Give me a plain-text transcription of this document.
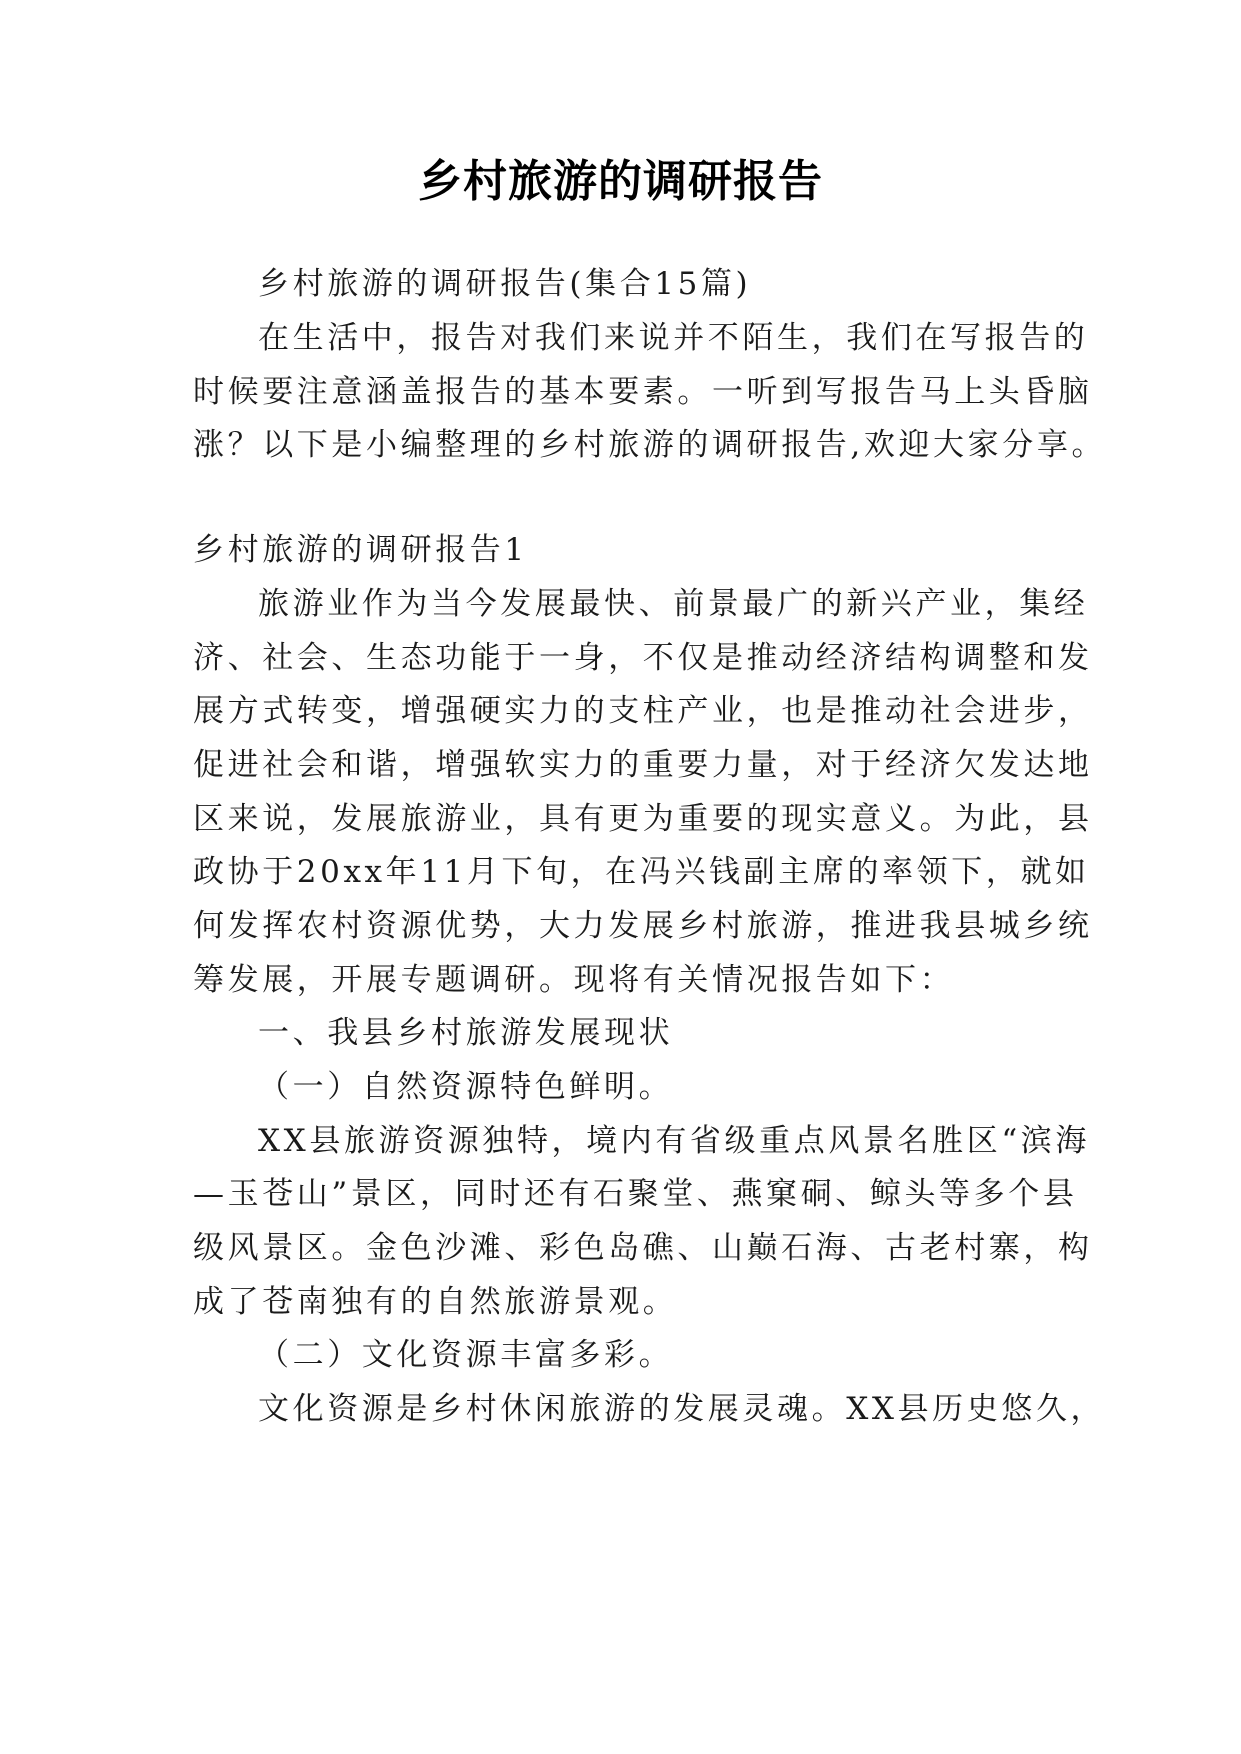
乡村旅游的调研报告
乡村旅游的调研报告(集合15篇)
在生活中，报告对我们来说并不陌生，我们在写报告的
时候要注意涵盖报告的基本要素。一听到写报告马上头昏脑
涨？以下是小编整理的乡村旅游的调研报告,欢迎大家分享。
乡村旅游的调研报告1
旅游业作为当今发展最快、前景最广的新兴产业，集经
济、社会、生态功能于一身，不仅是推动经济结构调整和发
展方式转变，增强硬实力的支柱产业，也是推动社会进步，
促进社会和谐，增强软实力的重要力量，对于经济欠发达地
区来说，发展旅游业，具有更为重要的现实意义。为此，县
政协于20xx年11月下旬，在冯兴钱副主席的率领下，就如
何发挥农村资源优势，大力发展乡村旅游，推进我县城乡统
筹发展，开展专题调研。现将有关情况报告如下：
一、我县乡村旅游发展现状
（一）自然资源特色鲜明。
XX县旅游资源独特，境内有省级重点风景名胜区“滨海
—玉苍山”景区，同时还有石聚堂、燕窠硐、鲸头等多个县
级风景区。金色沙滩、彩色岛礁、山巅石海、古老村寨，构
成了苍南独有的自然旅游景观。
（二）文化资源丰富多彩。
文化资源是乡村休闲旅游的发展灵魂。XX县历史悠久，
